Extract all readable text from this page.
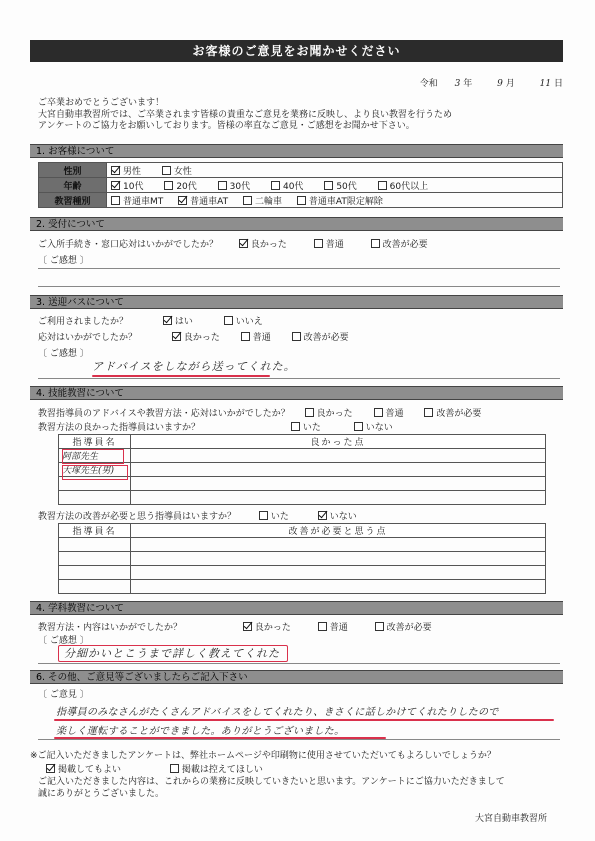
お客様のご意見をお聞かせください
令和 3 年	9 月	11 日

ご卒業おめでとうございます！

大宮自動車教習所では、ご卒業されます皆様の貴重なご意見を業務に反映し、より良い教習を行うため

アンケートのご協力をお願いしております。皆様の率直なご意見・ご感想をお聞かせ下さい。

1. お客様について
性別	男性 女性
年齢	10代 20代 30代 40代 50代 60代以上
教習種別	普通車MT 普通車AT 二輪車 普通車AT限定解除
2. 受付について
ご入所手続き・窓口応対はいかがでしたか？	良かった	普通	改善が必要
〔 ご感想 〕
3. 送迎バスについて
ご利用されましたか？	はい	いいえ
応対はいかがでしたか？	良かった	普通	改善が必要
〔 ご感想 〕
アドバイスをしながら送ってくれた。
4. 技能教習について
教習指導員のアドバイスや教習方法・応対はいかがでしたか？	良かった	普通	改善が必要
教習方法の良かった指導員はいますか？	いた	いない
指導員名	良かった点
阿部先生	
大塚先生(男)	

教習方法の改善が必要と思う指導員はいますか？	いた	いない
指導員名	改善が必要と思う点

4. 学科教習について
教習方法・内容はいかがでしたか？	良かった	普通	改善が必要
〔 ご感想 〕
分細かいとこうまで詳しく教えてくれた
6. その他、ご意見等ございましたらご記入下さい
〔 ご意見 〕
指導員のみなさんがたくさんアドバイスをしてくれたり、きさくに話しかけてくれたりしたので
楽しく運転することができました。ありがとうございました。
※ご記入いただきましたアンケートは、弊社ホームページや印刷物に使用させていただいてもよろしいでしょうか？
掲載してもよい	掲載は控えてほしい

ご記入いただきました内容は、これからの業務に反映していきたいと思います。アンケートにご協力いただきまして

誠にありがとうございました。

大宮自動車教習所
